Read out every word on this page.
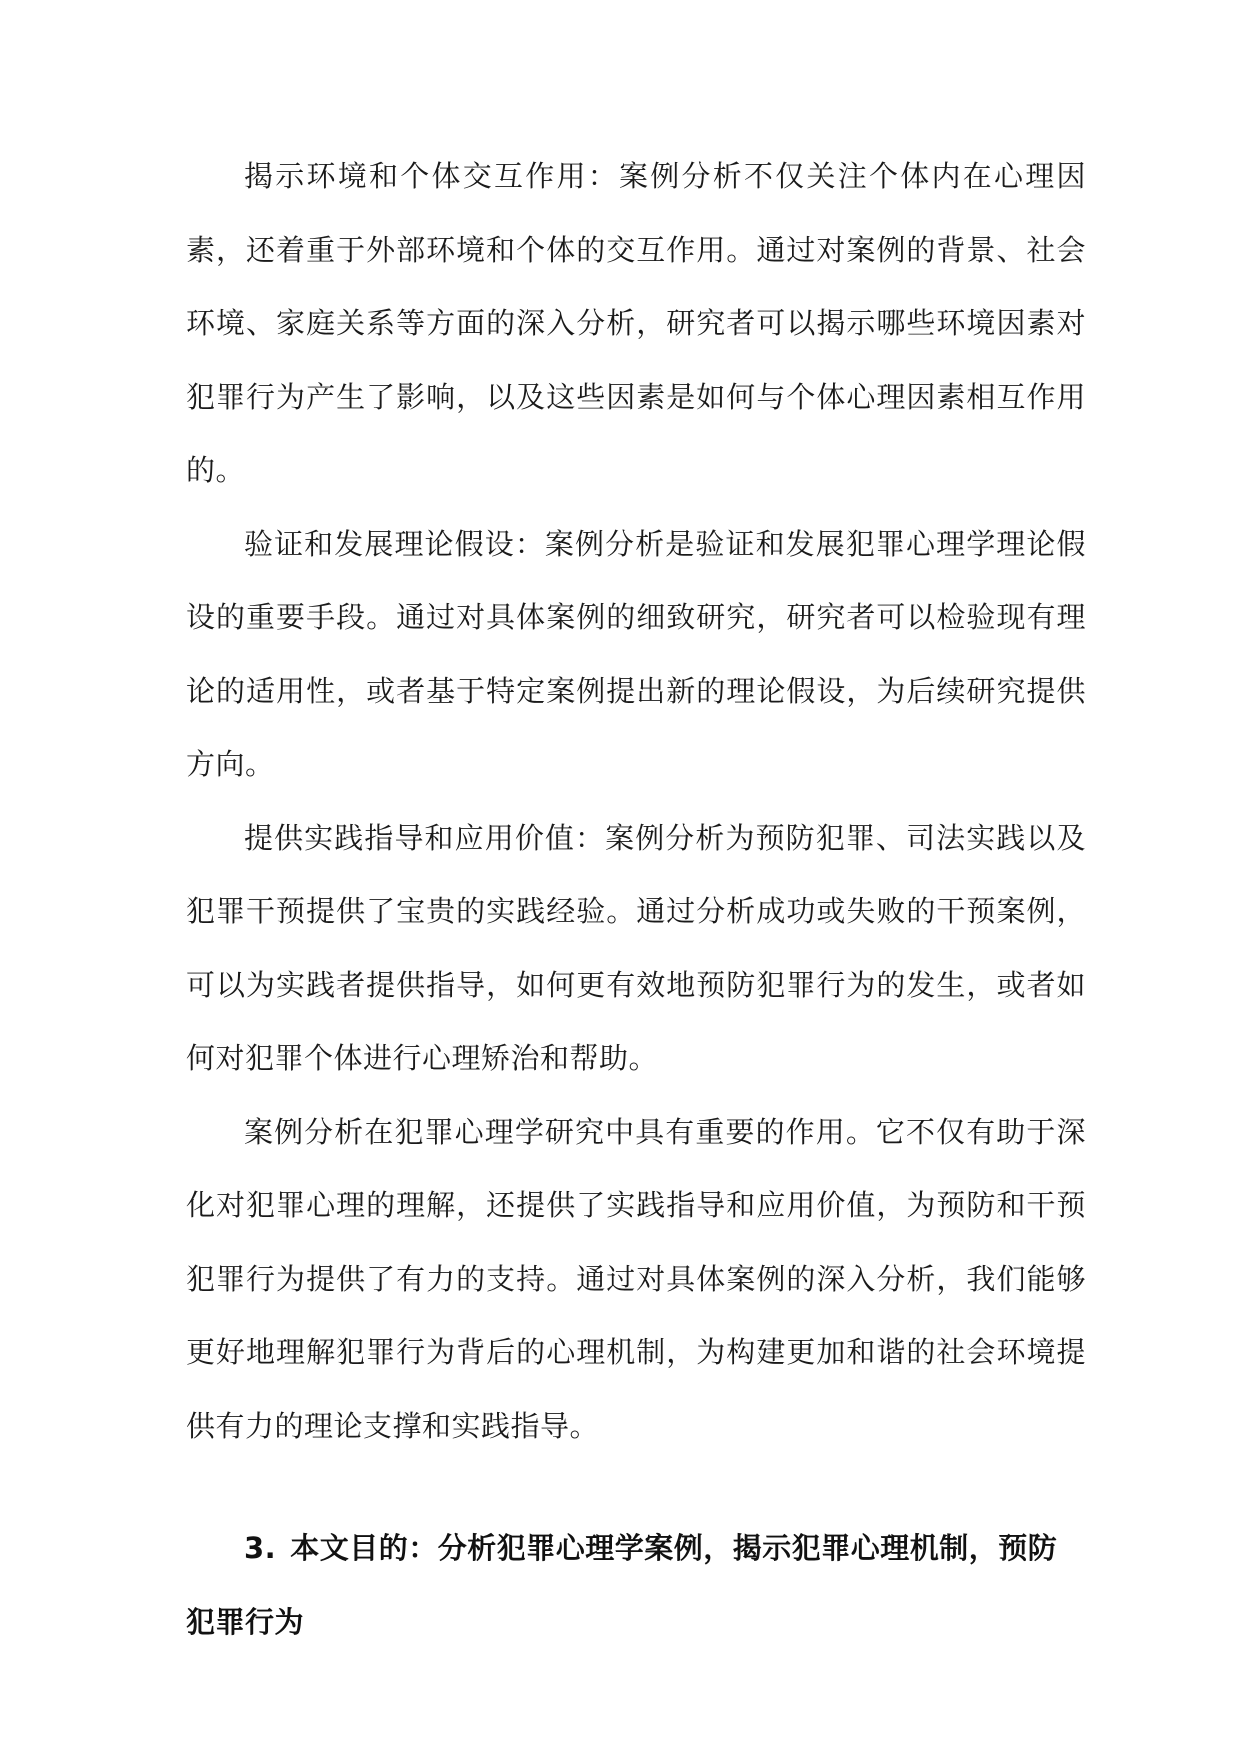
揭示环境和个体交互作用：案例分析不仅关注个体内在心理因素，还着重于外部环境和个体的交互作用。通过对案例的背景、社会环境、家庭关系等方面的深入分析，研究者可以揭示哪些环境因素对犯罪行为产生了影响，以及这些因素是如何与个体心理因素相互作用的。

验证和发展理论假设：案例分析是验证和发展犯罪心理学理论假设的重要手段。通过对具体案例的细致研究，研究者可以检验现有理论的适用性，或者基于特定案例提出新的理论假设，为后续研究提供方向。

提供实践指导和应用价值：案例分析为预防犯罪、司法实践以及犯罪干预提供了宝贵的实践经验。通过分析成功或失败的干预案例，可以为实践者提供指导，如何更有效地预防犯罪行为的发生，或者如何对犯罪个体进行心理矫治和帮助。

案例分析在犯罪心理学研究中具有重要的作用。它不仅有助于深化对犯罪心理的理解，还提供了实践指导和应用价值，为预防和干预犯罪行为提供了有力的支持。通过对具体案例的深入分析，我们能够更好地理解犯罪行为背后的心理机制，为构建更加和谐的社会环境提供有力的理论支撑和实践指导。

3. 本文目的：分析犯罪心理学案例，揭示犯罪心理机制，预防犯罪行为
